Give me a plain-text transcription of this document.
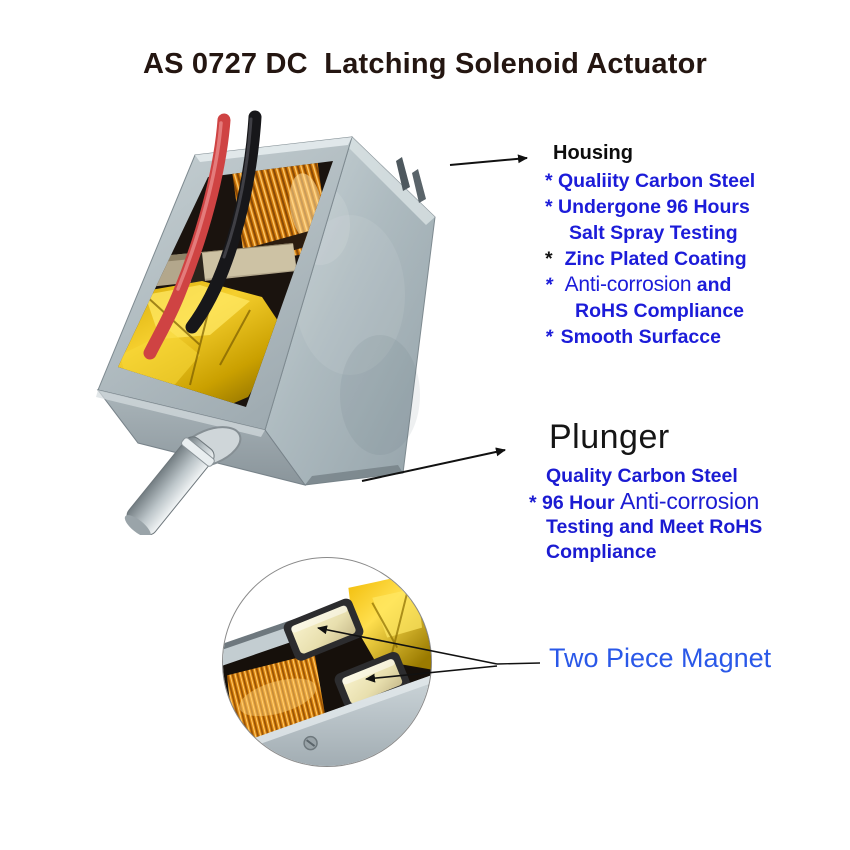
AS 0727 DC  Latching Solenoid Actuator
Housing
* Qualiity Carbon Steel
* Undergone 96 Hours
Salt Spray Testing
* Zinc Plated Coating
* Anti-corrosion and
RoHS Compliance
* Smooth Surfacce
Plunger
Quality Carbon Steel
* 96 Hour Anti-corrosion
Testing and Meet RoHS
Compliance
Two Piece Magnet
